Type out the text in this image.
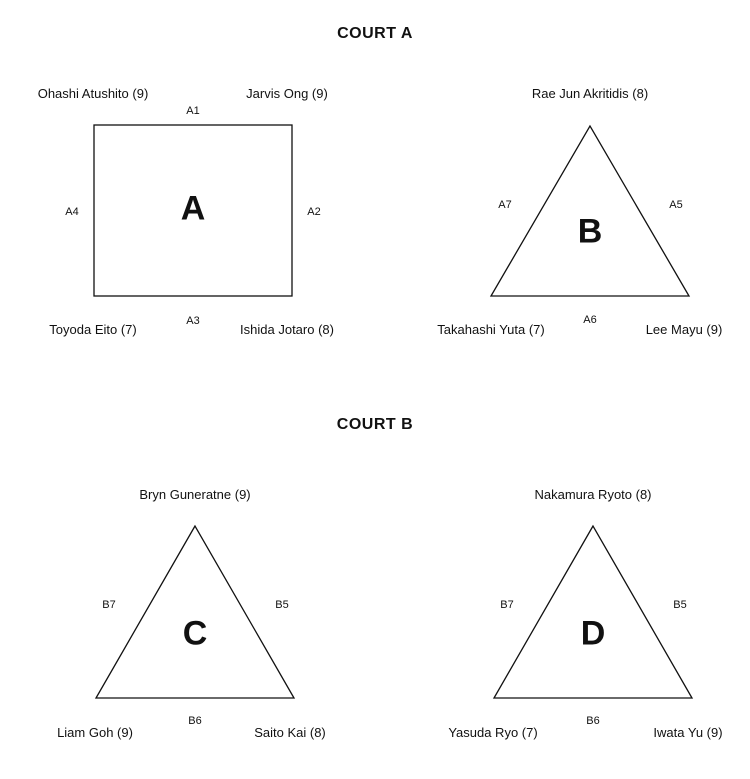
COURT A
COURT B
A
Ohashi Atushito (9)	Jarvis Ong (9)
Toyoda Eito (7)	Ishida Jotaro (8)
A1
A2
A3
A4
B
Rae Jun Akritidis (8)
Takahashi Yuta (7)	Lee Mayu (9)
A7	A5
A6
C
Bryn Guneratne (9)
Liam Goh (9)	Saito Kai (8)
B7	B5
B6
D
Nakamura Ryoto (8)
Yasuda Ryo (7)	Iwata Yu (9)
B7	B5
B6
